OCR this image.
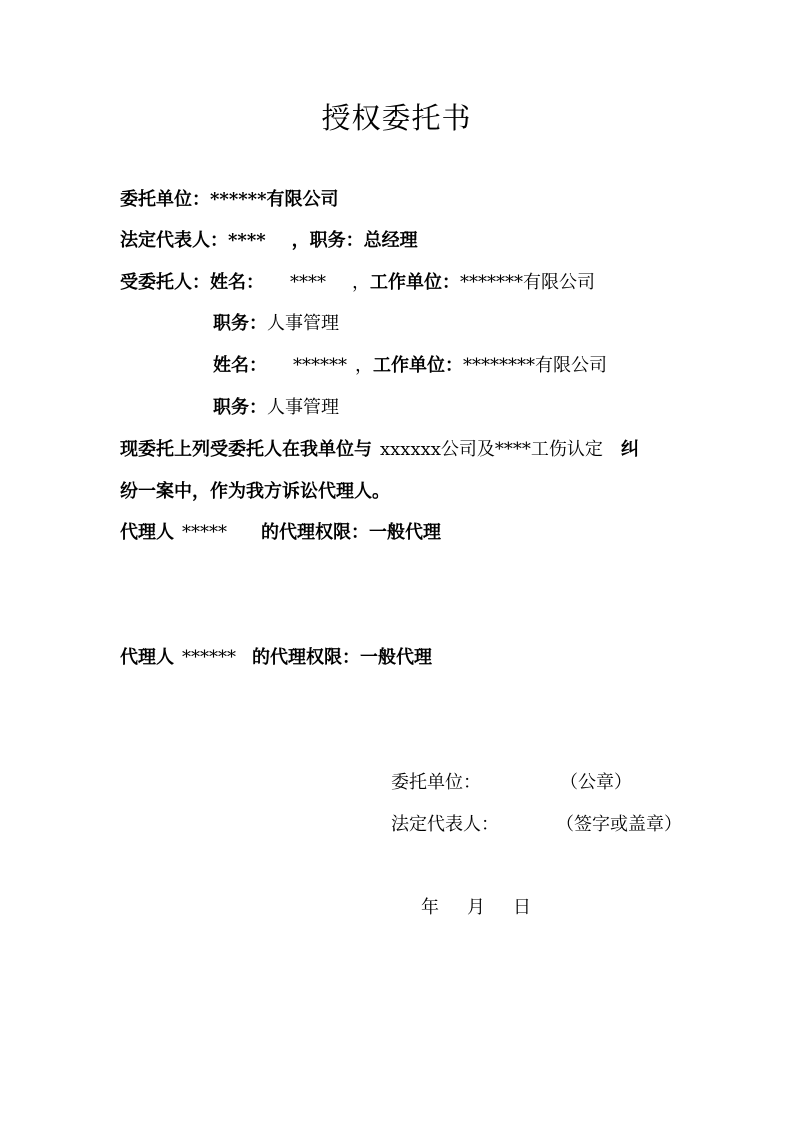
授权委托书
委托单位：******有限公司
法定代表人：**** ，职务：总经理
受委托人：姓名： **** ，工作单位：*******有限公司
职务：人事管理
姓名： ****** ，工作单位：********有限公司
职务：人事管理
现委托上列受委托人在我单位与 xxxxxx公司及****工伤认定 纠
纷一案中，作为我方诉讼代理人。
代理人 ***** 的代理权限：一般代理
代理人 ****** 的代理权限：一般代理
委托单位：	（公章）
法定代表人：	（签字或盖章）
年 月 日
